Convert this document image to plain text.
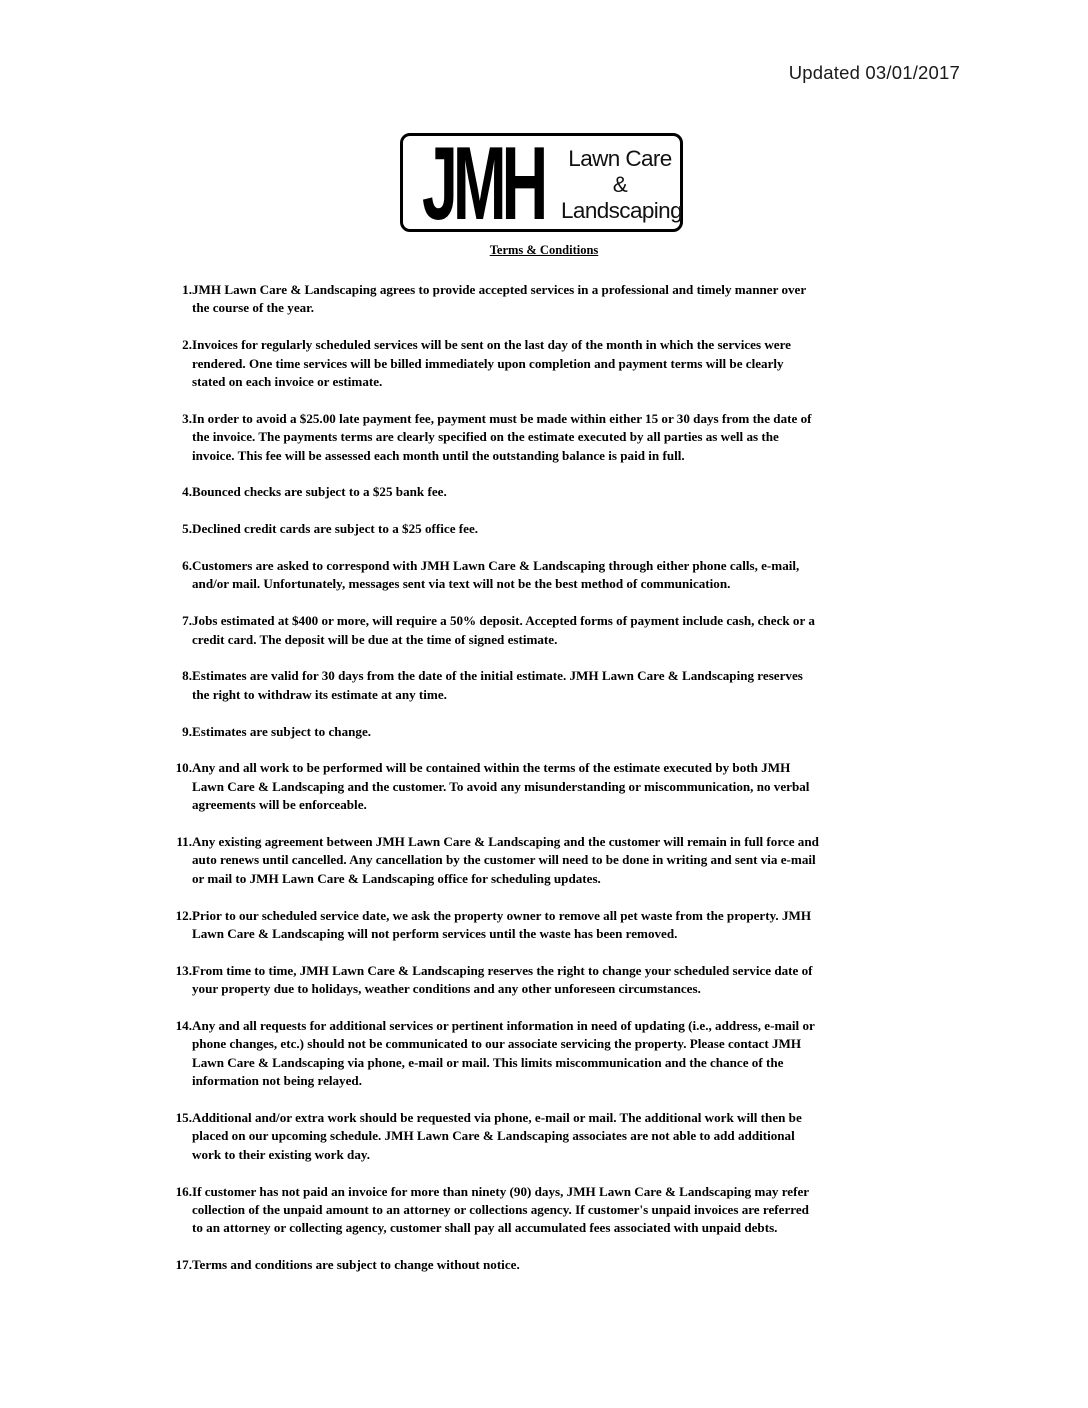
Updated 03/01/2017
JMH	Lawn Care
&
Landscaping
Terms & Conditions
1. JMH Lawn Care & Landscaping agrees to provide accepted services in a professional and timely manner over
the course of the year.
2. Invoices for regularly scheduled services will be sent on the last day of the month in which the services were
rendered. One time services will be billed immediately upon completion and payment terms will be clearly
stated on each invoice or estimate.
3. In order to avoid a $25.00 late payment fee, payment must be made within either 15 or 30 days from the date of
the invoice. The payments terms are clearly specified on the estimate executed by all parties as well as the
invoice. This fee will be assessed each month until the outstanding balance is paid in full.
4. Bounced checks are subject to a $25 bank fee.
5. Declined credit cards are subject to a $25 office fee.
6. Customers are asked to correspond with JMH Lawn Care & Landscaping through either phone calls, e-mail,
and/or mail. Unfortunately, messages sent via text will not be the best method of communication.
7. Jobs estimated at $400 or more, will require a 50% deposit. Accepted forms of payment include cash, check or a
credit card. The deposit will be due at the time of signed estimate.
8. Estimates are valid for 30 days from the date of the initial estimate. JMH Lawn Care & Landscaping reserves
the right to withdraw its estimate at any time.
9. Estimates are subject to change.
10. Any and all work to be performed will be contained within the terms of the estimate executed by both JMH
Lawn Care & Landscaping and the customer. To avoid any misunderstanding or miscommunication, no verbal
agreements will be enforceable.
11. Any existing agreement between JMH Lawn Care & Landscaping and the customer will remain in full force and
auto renews until cancelled. Any cancellation by the customer will need to be done in writing and sent via e-mail
or mail to JMH Lawn Care & Landscaping office for scheduling updates.
12. Prior to our scheduled service date, we ask the property owner to remove all pet waste from the property. JMH
Lawn Care & Landscaping will not perform services until the waste has been removed.
13. From time to time, JMH Lawn Care & Landscaping reserves the right to change your scheduled service date of
your property due to holidays, weather conditions and any other unforeseen circumstances.
14. Any and all requests for additional services or pertinent information in need of updating (i.e., address, e-mail or
phone changes, etc.) should not be communicated to our associate servicing the property. Please contact JMH
Lawn Care & Landscaping via phone, e-mail or mail. This limits miscommunication and the chance of the
information not being relayed.
15. Additional and/or extra work should be requested via phone, e-mail or mail. The additional work will then be
placed on our upcoming schedule. JMH Lawn Care & Landscaping associates are not able to add additional
work to their existing work day.
16. If customer has not paid an invoice for more than ninety (90) days, JMH Lawn Care & Landscaping may refer
collection of the unpaid amount to an attorney or collections agency. If customer's unpaid invoices are referred
to an attorney or collecting agency, customer shall pay all accumulated fees associated with unpaid debts.
17. Terms and conditions are subject to change without notice.
